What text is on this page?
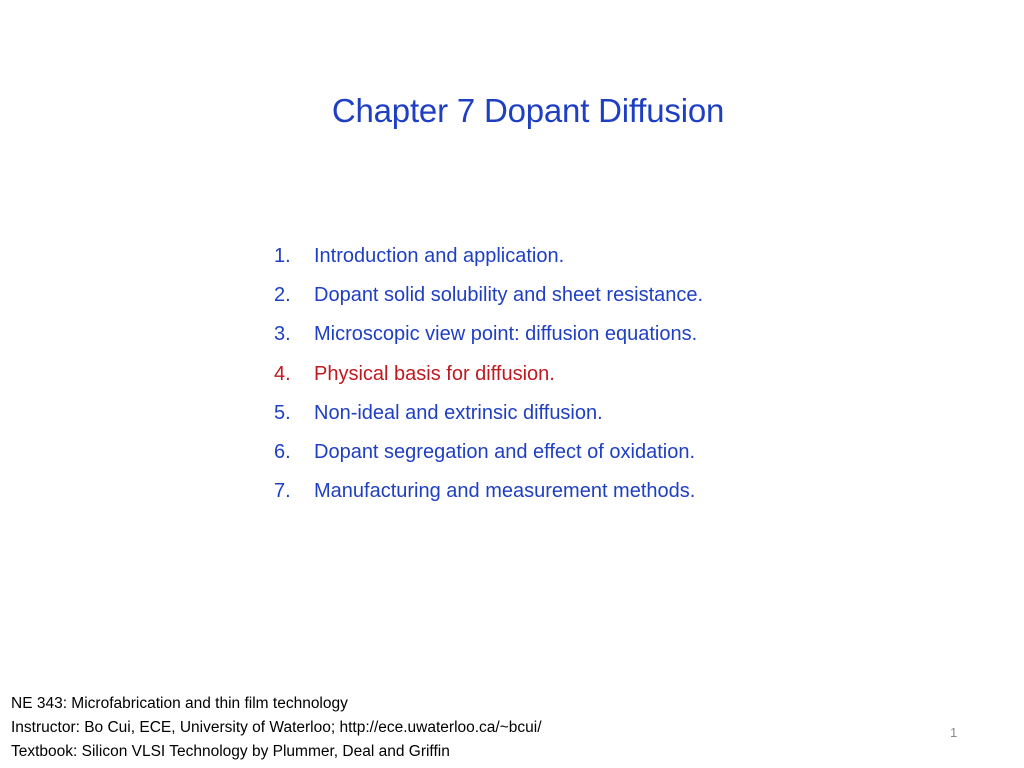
Chapter 7 Dopant Diffusion
1.	Introduction and application.
2.	Dopant solid solubility and sheet resistance.
3.	Microscopic view point: diffusion equations.
4.	Physical basis for diffusion.
5.	Non-ideal and extrinsic diffusion.
6.	Dopant segregation and effect of oxidation.
7.	Manufacturing and measurement methods.
NE 343: Microfabrication and thin film technology
Instructor: Bo Cui, ECE, University of Waterloo; http://ece.uwaterloo.ca/~bcui/
Textbook: Silicon VLSI Technology by Plummer, Deal and Griffin
1
